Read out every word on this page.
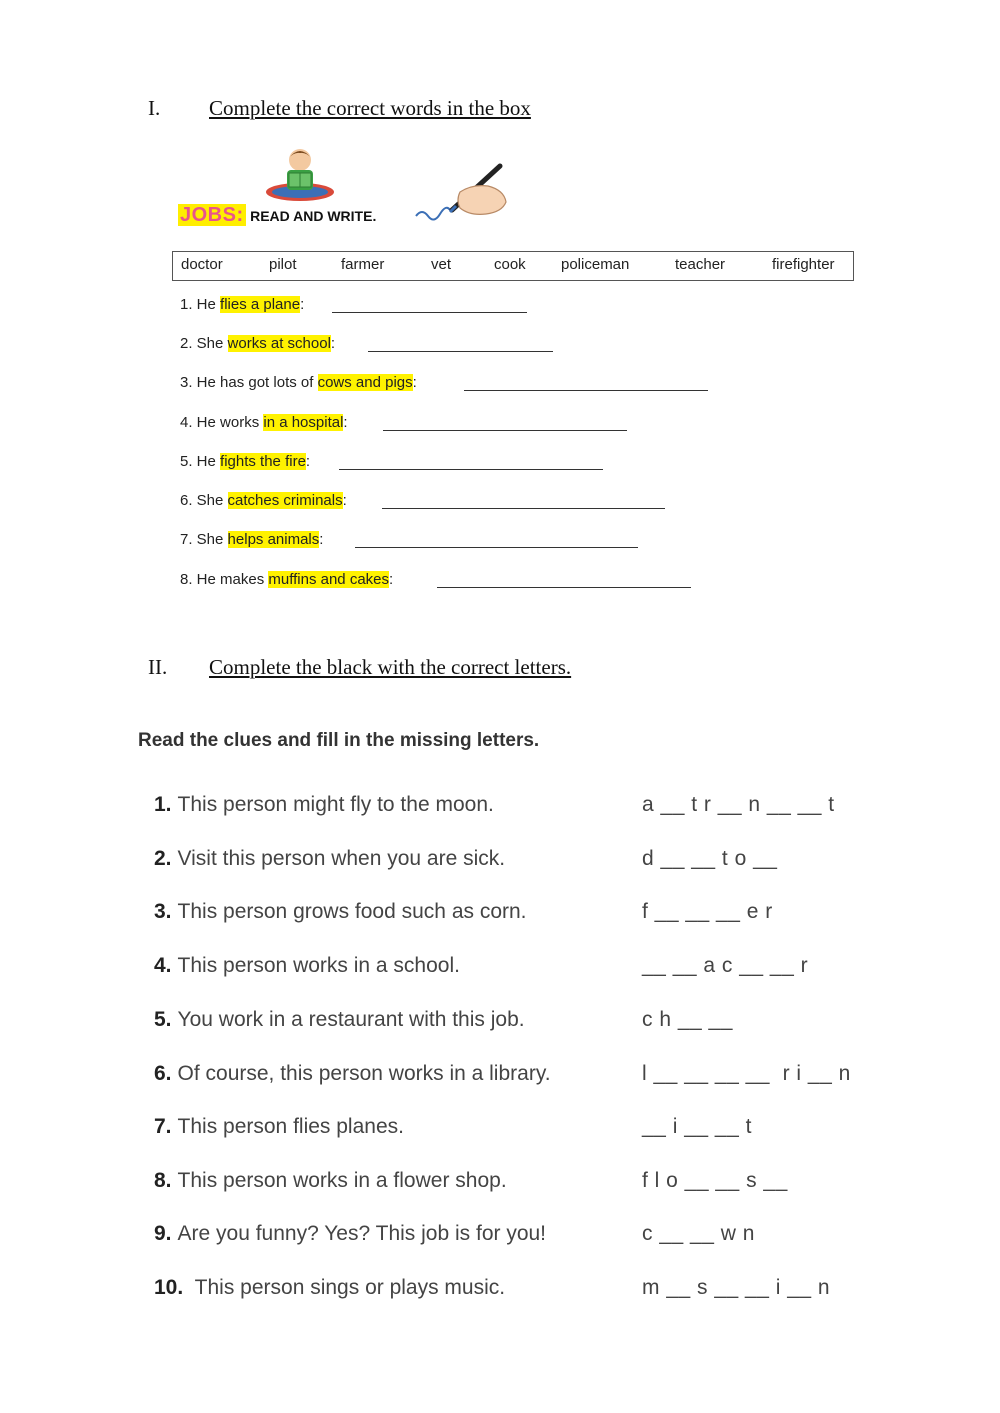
I. Complete the correct words in the box
JOBS: READ AND WRITE.
doctor	pilot	farmer	vet	cook policeman	teacher	firefighter
1. He flies a plane:
2. She works at school:
3. He has got lots of cows and pigs:
4. He works in a hospital:
5. He fights the fire:
6. She catches criminals:
7. She helps animals:
8. He makes muffins and cakes:
II. Complete the black with the correct letters.
Read the clues and fill in the missing letters.
1. This person might fly to the moon.	a __ t r __ n __ __ t
2. Visit this person when you are sick.	d __ __ t o __
3. This person grows food such as corn.	f __ __ __ e r
4. This person works in a school.	__ __ a c __ __ r
5. You work in a restaurant with this job.	c h __ __
6. Of course, this person works in a library.	l __ __ __ __  r i __ n
7. This person flies planes.	__ i __ __ t
8. This person works in a flower shop.	f l o __ __ s __
9. Are you funny? Yes? This job is for you!	c __ __ w n
10. This person sings or plays music.	m __ s __ __ i __ n
